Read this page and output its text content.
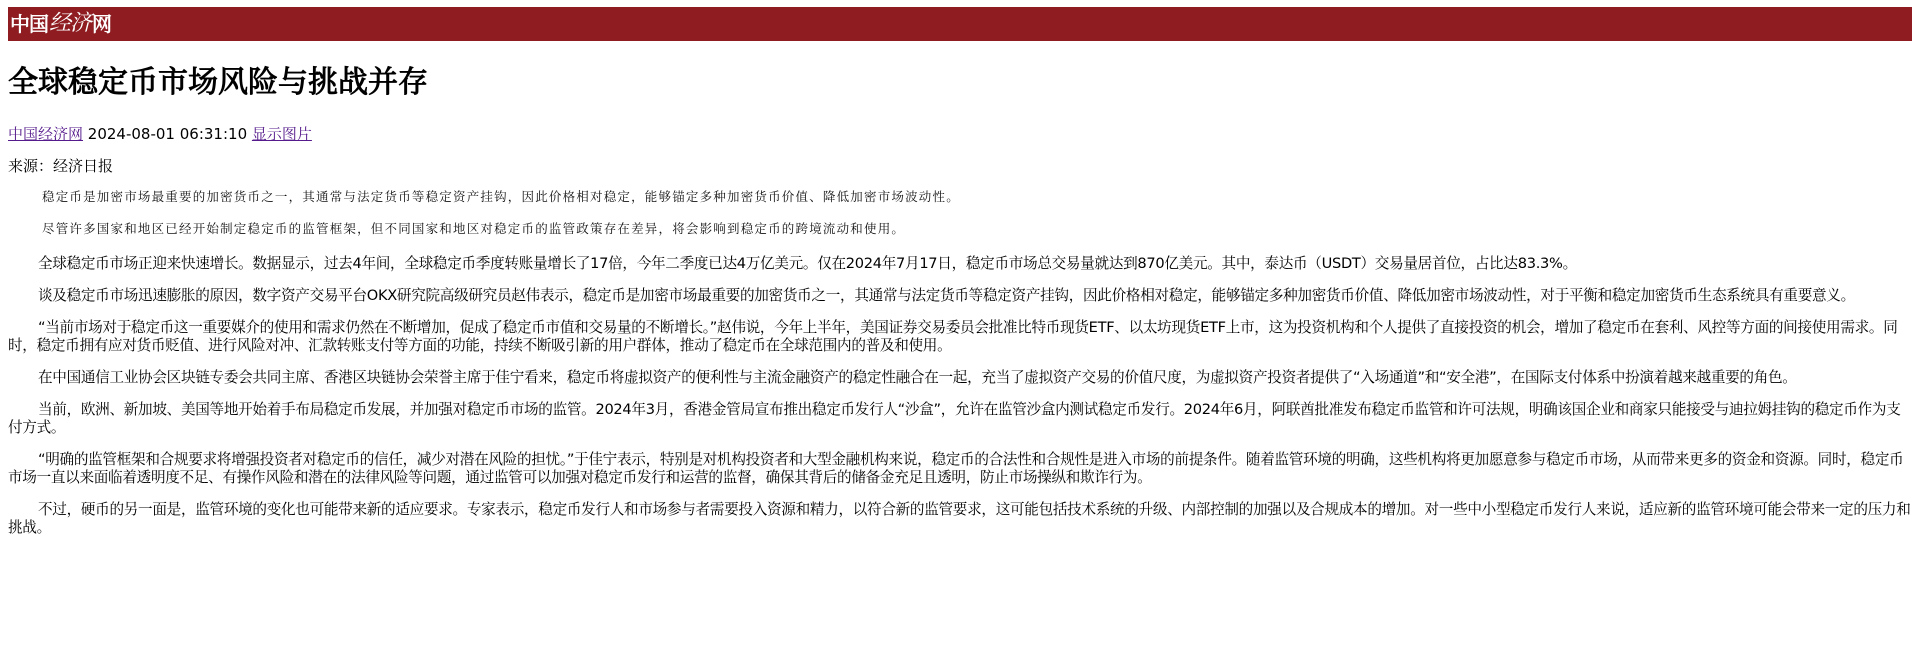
中国 经济 网
全球稳定币市场风险与挑战并存
中国经济网 2024-08-01 06:31:10 显示图片
来源：经济日报

稳定币是加密市场最重要的加密货币之一，其通常与法定货币等稳定资产挂钩，因此价格相对稳定，能够锚定多种加密货币价值、降低加密市场波动性。

尽管许多国家和地区已经开始制定稳定币的监管框架，但不同国家和地区对稳定币的监管政策存在差异，将会影响到稳定币的跨境流动和使用。

全球稳定币市场正迎来快速增长。数据显示，过去4年间，全球稳定币季度转账量增长了17倍，今年二季度已达4万亿美元。仅在2024年7月17日，稳定币市场总交易量就达到870亿美元。其中，泰达币（USDT）交易量居首位，占比达83.3%。

谈及稳定币市场迅速膨胀的原因，数字资产交易平台OKX研究院高级研究员赵伟表示，稳定币是加密市场最重要的加密货币之一，其通常与法定货币等稳定资产挂钩，因此价格相对稳定，能够锚定多种加密货币价值、降低加密市场波动性，对于平衡和稳定加密货币生态系统具有重要意义。

“当前市场对于稳定币这一重要媒介的使用和需求仍然在不断增加，促成了稳定币市值和交易量的不断增长。”赵伟说，今年上半年，美国证券交易委员会批准比特币现货ETF、以太坊现货ETF上市，这为投资机构和个人提供了直接投资的机会，增加了稳定币在套利、风控等方面的间接使用需求。同时，稳定币拥有应对货币贬值、进行风险对冲、汇款转账支付等方面的功能，持续不断吸引新的用户群体，推动了稳定币在全球范围内的普及和使用。

在中国通信工业协会区块链专委会共同主席、香港区块链协会荣誉主席于佳宁看来，稳定币将虚拟资产的便利性与主流金融资产的稳定性融合在一起，充当了虚拟资产交易的价值尺度，为虚拟资产投资者提供了“入场通道”和“安全港”，在国际支付体系中扮演着越来越重要的角色。

当前，欧洲、新加坡、美国等地开始着手布局稳定币发展，并加强对稳定币市场的监管。2024年3月，香港金管局宣布推出稳定币发行人“沙盒”，允许在监管沙盒内测试稳定币发行。2024年6月，阿联酋批准发布稳定币监管和许可法规，明确该国企业和商家只能接受与迪拉姆挂钩的稳定币作为支付方式。

“明确的监管框架和合规要求将增强投资者对稳定币的信任，减少对潜在风险的担忧。”于佳宁表示，特别是对机构投资者和大型金融机构来说，稳定币的合法性和合规性是进入市场的前提条件。随着监管环境的明确，这些机构将更加愿意参与稳定币市场，从而带来更多的资金和资源。同时，稳定币市场一直以来面临着透明度不足、有操作风险和潜在的法律风险等问题，通过监管可以加强对稳定币发行和运营的监督，确保其背后的储备金充足且透明，防止市场操纵和欺诈行为。

不过，硬币的另一面是，监管环境的变化也可能带来新的适应要求。专家表示，稳定币发行人和市场参与者需要投入资源和精力，以符合新的监管要求，这可能包括技术系统的升级、内部控制的加强以及合规成本的增加。对一些中小型稳定币发行人来说，适应新的监管环境可能会带来一定的压力和挑战。
